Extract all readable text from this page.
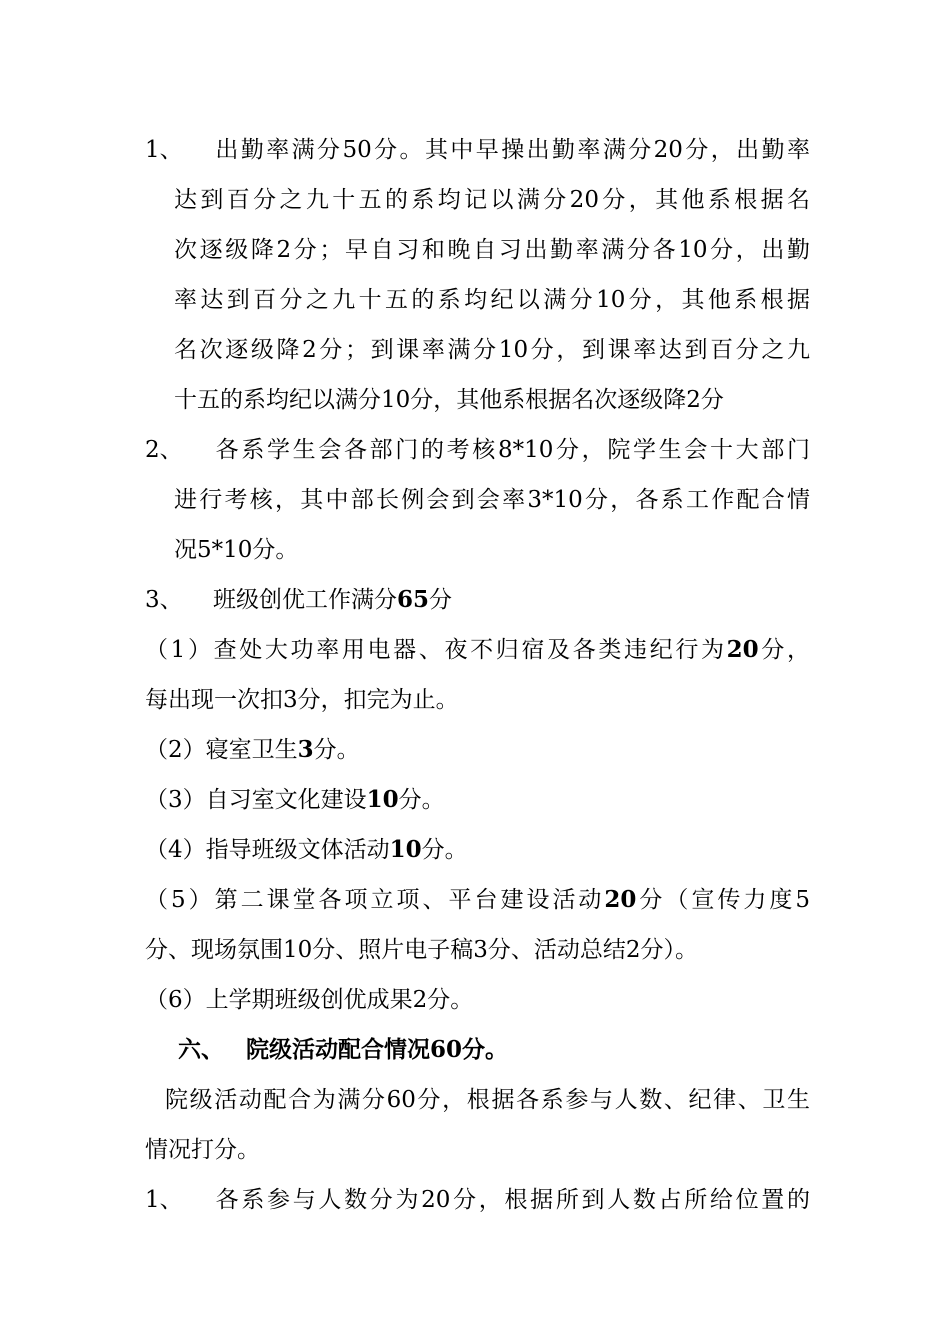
1、 出勤率满分50分。其中早操出勤率满分20分，出勤率
达到百分之九十五的系均记以满分20分，其他系根据名
次逐级降2分；早自习和晚自习出勤率满分各10分，出勤
率达到百分之九十五的系均纪以满分10分，其他系根据
名次逐级降2分；到课率满分10分，到课率达到百分之九
十五的系均纪以满分10分，其他系根据名次逐级降2分
2、 各系学生会各部门的考核8*10分，院学生会十大部门
进行考核，其中部长例会到会率3*10分，各系工作配合情
况5*10分。
3、 班级创优工作满分65分
（1）查处大功率用电器、夜不归宿及各类违纪行为20分，
每出现一次扣3分，扣完为止。
（2）寝室卫生3分。
（3）自习室文化建设10分。
（4）指导班级文体活动10分。
（5）第二课堂各项立项、平台建设活动20分（宣传力度5
分、现场氛围10分、照片电子稿3分、活动总结2分）。
（6）上学期班级创优成果2分。
六、 院级活动配合情况60分。
院级活动配合为满分60分，根据各系参与人数、纪律、卫生
情况打分。
1、 各系参与人数分为20分，根据所到人数占所给位置的
